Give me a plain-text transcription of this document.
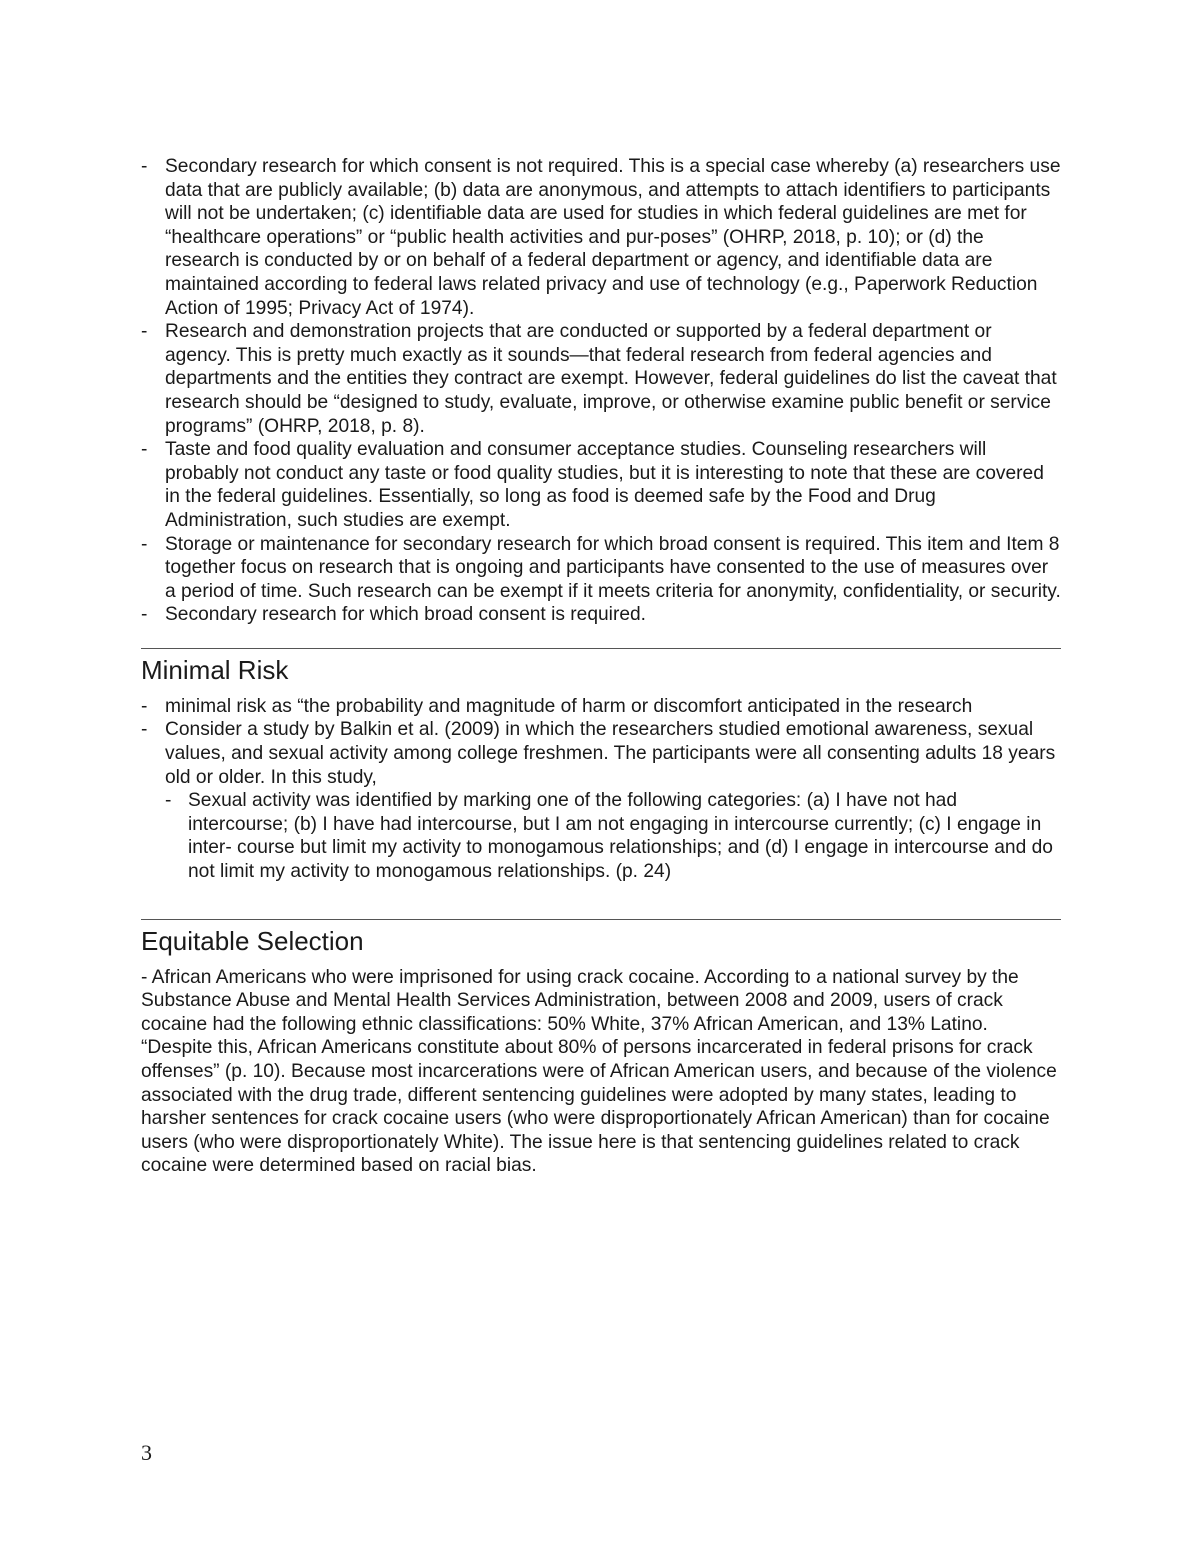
- Secondary research for which consent is not required. This is a special case whereby (a) researchers use data that are publicly available; (b) data are anonymous, and attempts to attach identifiers to participants will not be undertaken; (c) identifiable data are used for studies in which federal guidelines are met for “healthcare operations” or “public health activities and pur-poses” (OHRP, 2018, p. 10); or (d) the research is conducted by or on behalf of a federal department or agency, and identifiable data are maintained according to federal laws related privacy and use of technology (e.g., Paperwork Reduction Action of 1995; Privacy Act of 1974).
- Research and demonstration projects that are conducted or supported by a federal department or agency. This is pretty much exactly as it sounds—that federal research from federal agencies and departments and the entities they contract are exempt. However, federal guidelines do list the caveat that research should be “designed to study, evaluate, improve, or otherwise examine public benefit or service programs” (OHRP, 2018, p. 8).
- Taste and food quality evaluation and consumer acceptance studies. Counseling researchers will probably not conduct any taste or food quality studies, but it is interesting to note that these are covered in the federal guidelines. Essentially, so long as food is deemed safe by the Food and Drug Administration, such studies are exempt.
- Storage or maintenance for secondary research for which broad consent is required. This item and Item 8 together focus on research that is ongoing and participants have consented to the use of measures over a period of time. Such research can be exempt if it meets criteria for anonymity, confidentiality, or security.
- Secondary research for which broad consent is required.
Minimal Risk
- minimal risk as “the probability and magnitude of harm or discomfort anticipated in the research
- Consider a study by Balkin et al. (2009) in which the researchers studied emotional awareness, sexual values, and sexual activity among college freshmen. The participants were all consenting adults 18 years old or older. In this study,
- Sexual activity was identified by marking one of the following categories: (a) I have not had intercourse; (b) I have had intercourse, but I am not engaging in intercourse currently; (c) I engage in inter- course but limit my activity to monogamous relationships; and (d) I engage in intercourse and do not limit my activity to monogamous relationships. (p. 24)
Equitable Selection

- African Americans who were imprisoned for using crack cocaine. According to a national survey by the Substance Abuse and Mental Health Services Administration, between 2008 and 2009, users of crack cocaine had the following ethnic classifications: 50% White, 37% African American, and 13% Latino. “Despite this, African Americans constitute about 80% of persons incarcerated in federal prisons for crack offenses” (p. 10). Because most incarcerations were of African American users, and because of the violence associated with the drug trade, different sentencing guidelines were adopted by many states, leading to harsher sentences for crack cocaine users (who were disproportionately African American) than for cocaine users (who were disproportionately White). The issue here is that sentencing guidelines related to crack cocaine were determined based on racial bias.

3
